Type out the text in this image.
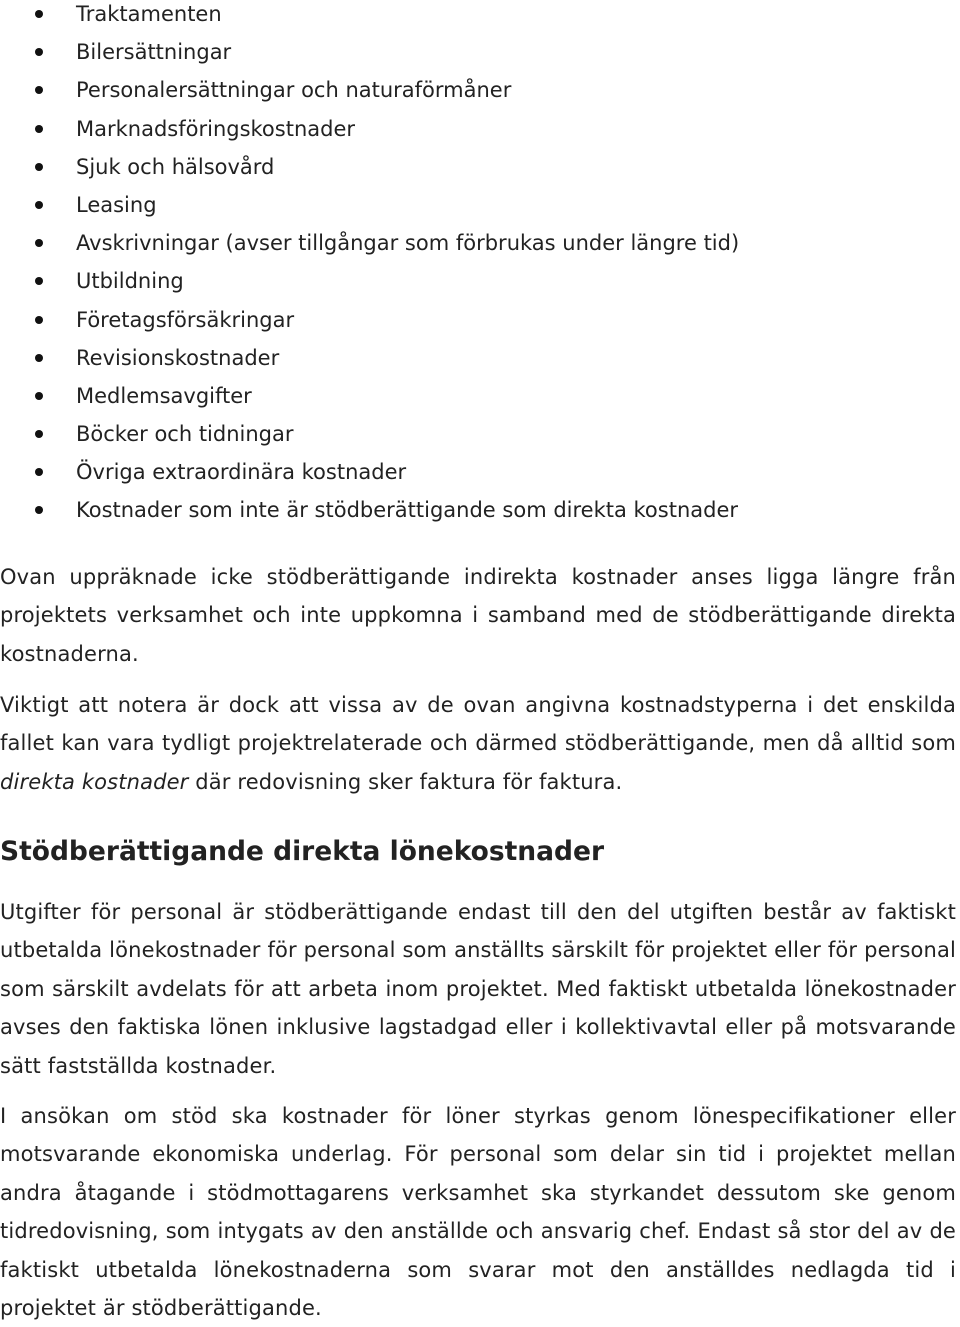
Traktamenten
Bilersättningar
Personalersättningar och naturaförmåner
Marknadsföringskostnader
Sjuk och hälsovård
Leasing
Avskrivningar (avser tillgångar som förbrukas under längre tid)
Utbildning
Företagsförsäkringar
Revisionskostnader
Medlemsavgifter
Böcker och tidningar
Övriga extraordinära kostnader
Kostnader som inte är stödberättigande som direkta kostnader

Ovan uppräknade icke stödberättigande indirekta kostnader anses ligga längre från projektets verksamhet och inte uppkomna i samband med de stödberättigande direkta kostnaderna.

Viktigt att notera är dock att vissa av de ovan angivna kostnadstyperna i det enskilda fallet kan vara tydligt projektrelaterade och därmed stödberättigande, men då alltid som direkta kostnader där redovisning sker faktura för faktura.

Stödberättigande direkta lönekostnader

Utgifter för personal är stödberättigande endast till den del utgiften består av faktiskt utbetalda lönekostnader för personal som anställts särskilt för projektet eller för personal som särskilt avdelats för att arbeta inom projektet. Med faktiskt utbetalda lönekostnader avses den faktiska lönen inklusive lagstadgad eller i kollektivavtal eller på motsvarande sätt fastställda kostnader.

I ansökan om stöd ska kostnader för löner styrkas genom lönespecifikationer eller motsvarande ekonomiska underlag. För personal som delar sin tid i projektet mellan andra åtagande i stödmottagarens verksamhet ska styrkandet dessutom ske genom tidredovisning, som intygats av den anställde och ansvarig chef. Endast så stor del av de faktiskt utbetalda lönekostnaderna som svarar mot den anställdes nedlagda tid i projektet är stödberättigande.
